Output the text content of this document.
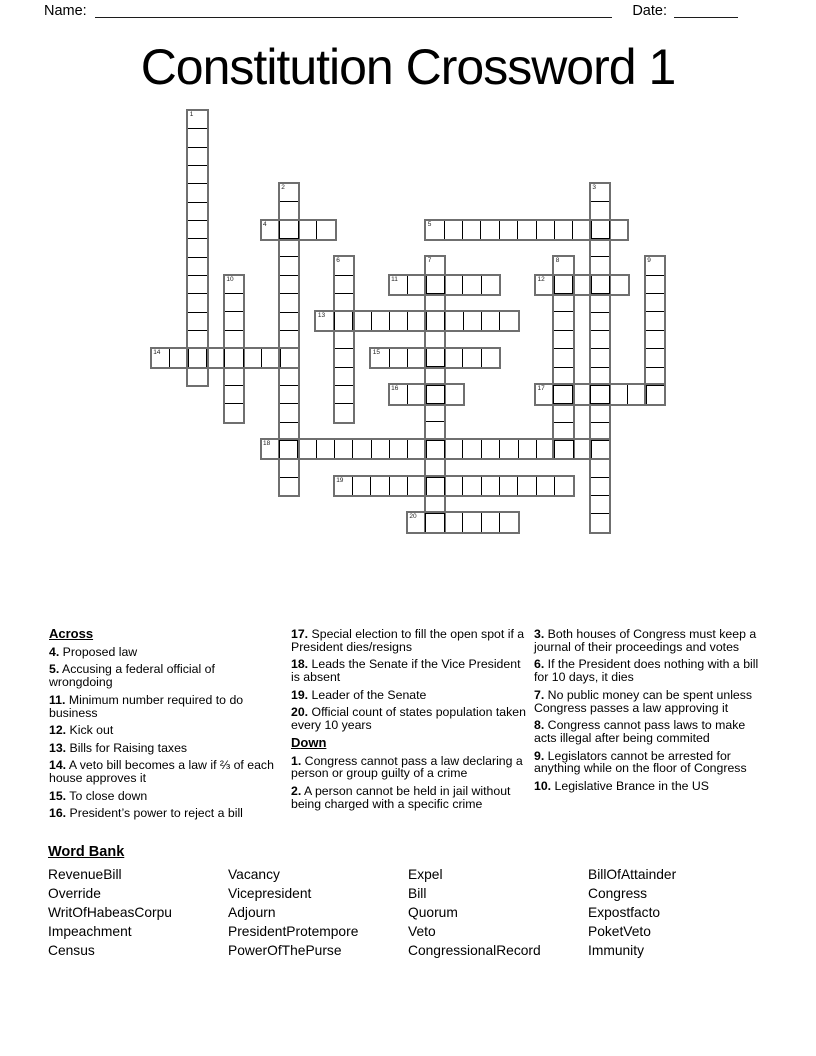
Name:	Date:
Constitution Crossword 1
1
2	3
4	5
6	7	8	9
10	11	12
13
14	15
16	17
18
19
20
Across
4. Proposed law
5. Accusing a federal official of wrongdoing
11. Minimum number required to do business
12. Kick out
13. Bills for Raising taxes
14. A veto bill becomes a law if ⅔ of each house approves it
15. To close down
16. President’s power to reject a bill
17. Special election to fill the open spot if a President dies/resigns
18. Leads the Senate if the Vice President is absent
19. Leader of the Senate
20. Official count of states population taken every 10 years
Down
1. Congress cannot pass a law declaring a person or group guilty of a crime
2. A person cannot be held in jail without being charged with a specific crime
3. Both houses of Congress must keep a journal of their proceedings and votes
6. If the President does nothing with a bill for 10 days, it dies
7. No public money can be spent unless Congress passes a law approving it
8. Congress cannot pass laws to make acts illegal after being commited
9. Legislators cannot be arrested for anything while on the floor of Congress
10. Legislative Brance in the US
Word Bank
RevenueBill
Override
WritOfHabeasCorpu
Impeachment
Census
Vacancy
Vicepresident
Adjourn
PresidentProtempore
PowerOfThePurse
Expel
Bill
Quorum
Veto
CongressionalRecord
BillOfAttainder
Congress
Expostfacto
PoketVeto
Immunity
